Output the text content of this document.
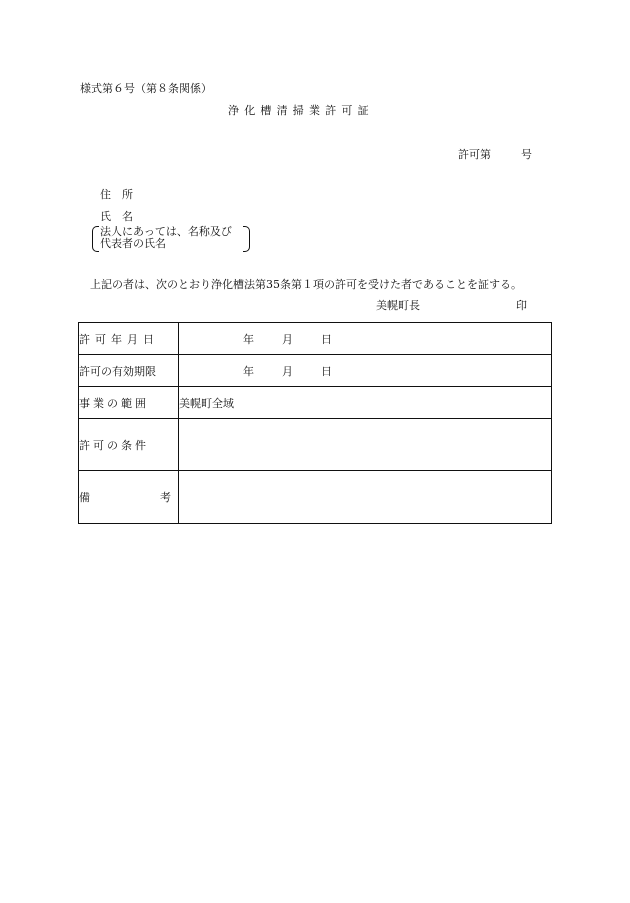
様式第６号（第８条関係）
浄化槽清掃業許可証
許可第	号
住　所
氏　名
法人にあっては、名称及び
代表者の氏名
上記の者は、次のとおり浄化槽法第35条第１項の許可を受けた者であることを証する。
美幌町長	印
許可年月日	年 月 日
許可の有効期限	年 月 日
事業の範囲	美幌町全域
許可の条件	

備 考	
